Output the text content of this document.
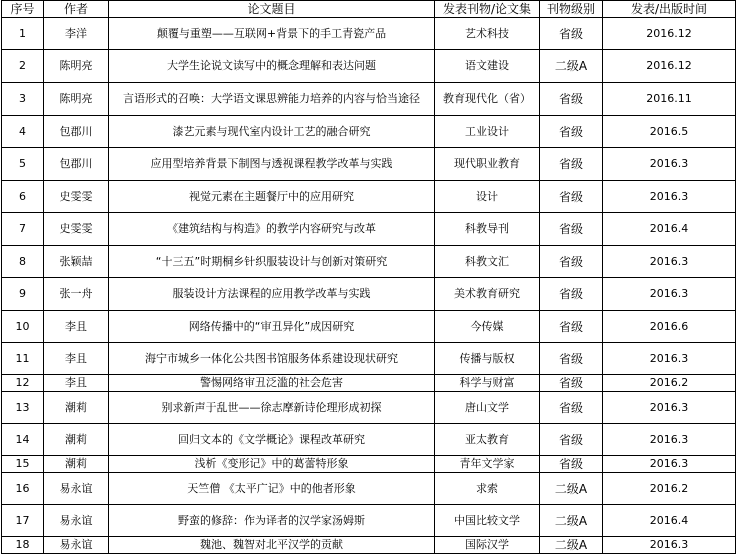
序号	作者	论文题目	发表刊物/论文集	刊物级别	发表/出版时间
1	李洋	颠覆与重塑——互联网+背景下的手工青瓷产品	艺术科技	省级	2016.12
2	陈明亮	大学生论说文读写中的概念理解和表达问题	语文建设	二级A	2016.12
3	陈明亮	言语形式的召唤：大学语文课思辨能力培养的内容与恰当途径	教育现代化（省）	省级	2016.11
4	包郡川	漆艺元素与现代室内设计工艺的融合研究	工业设计	省级	2016.5
5	包郡川	应用型培养背景下制图与透视课程教学改革与实践	现代职业教育	省级	2016.3
6	史雯雯	视觉元素在主题餐厅中的应用研究	设计	省级	2016.3
7	史雯雯	《建筑结构与构造》的教学内容研究与改革	科教导刊	省级	2016.4
8	张颖喆	“十三五”时期桐乡针织服装设计与创新对策研究	科教文汇	省级	2016.3
9	张一舟	服装设计方法课程的应用教学改革与实践	美术教育研究	省级	2016.3
10	李且	网络传播中的“审丑异化”成因研究	今传媒	省级	2016.6
11	李且	海宁市城乡一体化公共图书馆服务体系建设现状研究	传播与版权	省级	2016.3
12	李且	警惕网络审丑泛滥的社会危害	科学与财富	省级	2016.2
13	潮莉	别求新声于乱世——徐志摩新诗伦理形成初探	唐山文学	省级	2016.3
14	潮莉	回归文本的《文学概论》课程改革研究	亚太教育	省级	2016.3
15	潮莉	浅析《变形记》中的葛蕾特形象	青年文学家	省级	2016.3
16	易永谊	天竺僧 《太平广记》中的他者形象	求索	二级A	2016.2
17	易永谊	野蛮的修辞：作为译者的汉学家汤姆斯	中国比较文学	二级A	2016.4
18	易永谊	魏池、魏智对北平汉学的贡献	国际汉学	二级A	2016.3
